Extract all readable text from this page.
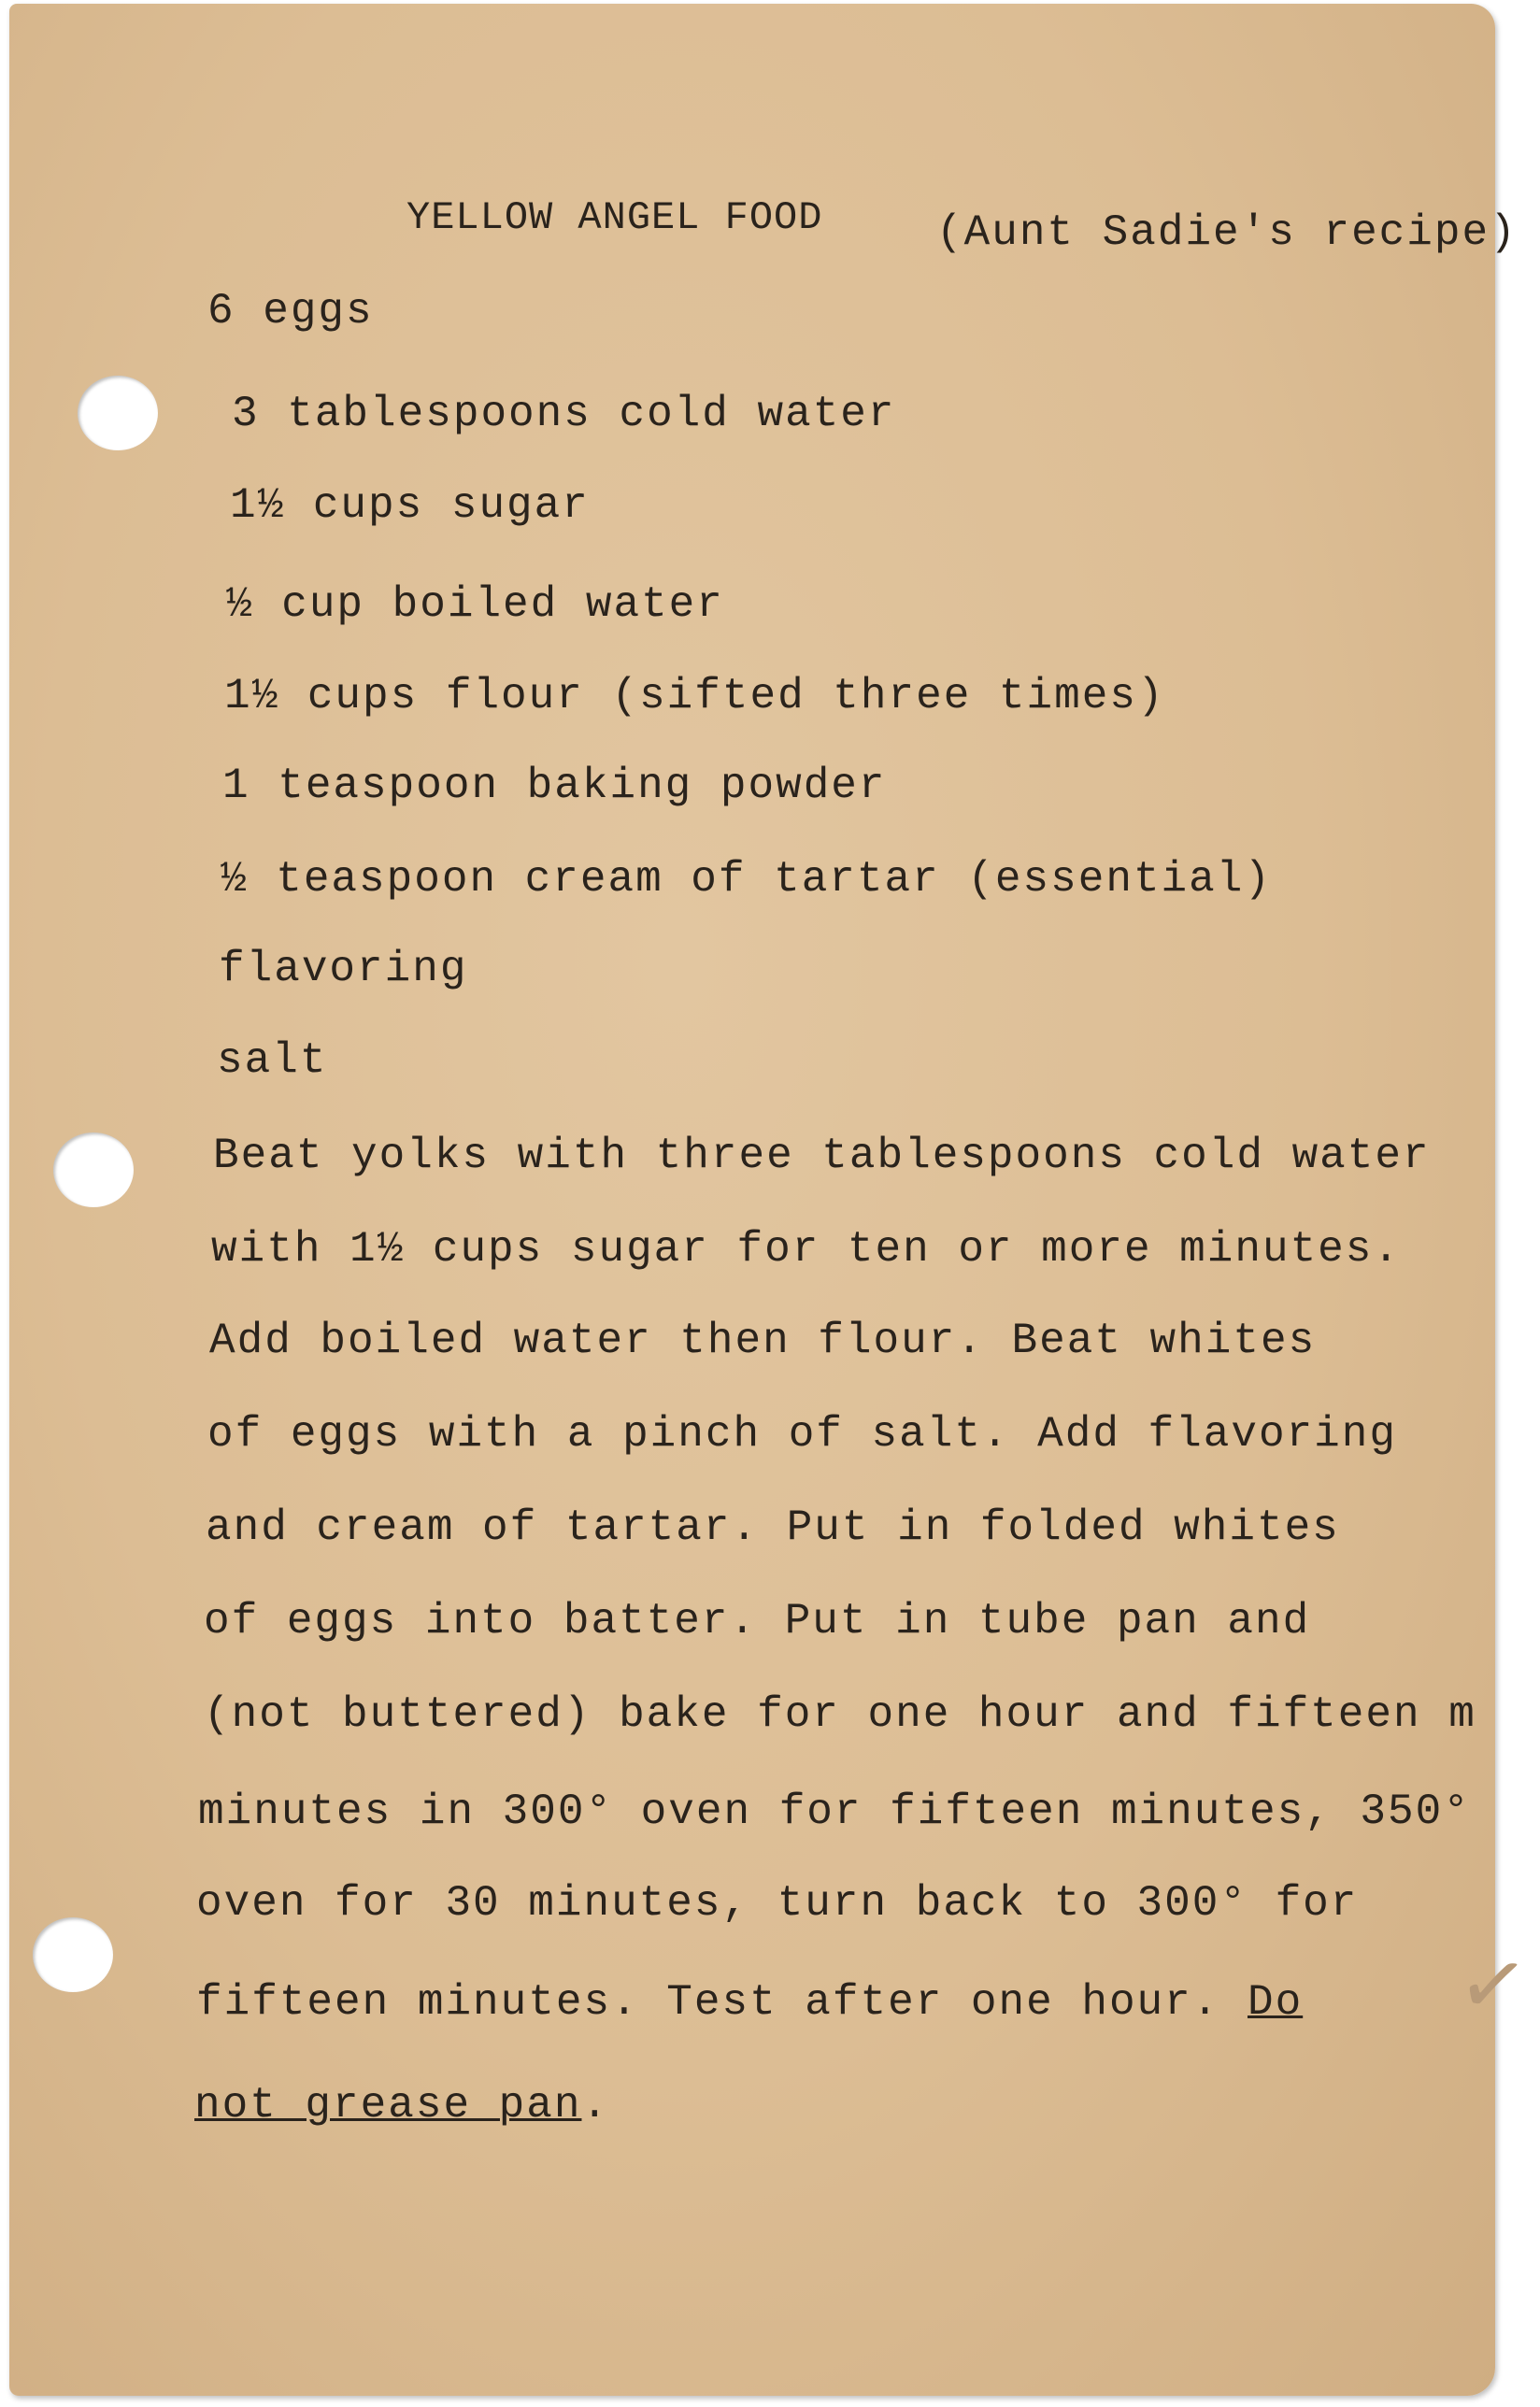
YELLOW ANGEL FOOD	(Aunt Sadie's recipe)

6 eggs

3 tablespoons cold water

1½ cups sugar

½ cup boiled water

1½ cups flour (sifted three times)

1 teaspoon baking powder

½ teaspoon cream of tartar (essential)

flavoring

salt

Beat yolks with three tablespoons cold water

with 1½ cups sugar for ten or more minutes.

Add boiled water then flour. Beat whites

of eggs with a pinch of salt. Add flavoring

and cream of tartar. Put in folded whites

of eggs into batter. Put in tube pan and

(not buttered) bake for one hour and fifteen m

minutes in 300° oven for fifteen minutes, 350°

oven for 30 minutes, turn back to 300° for

fifteen minutes. Test after one hour. Do

not grease pan.

✓
